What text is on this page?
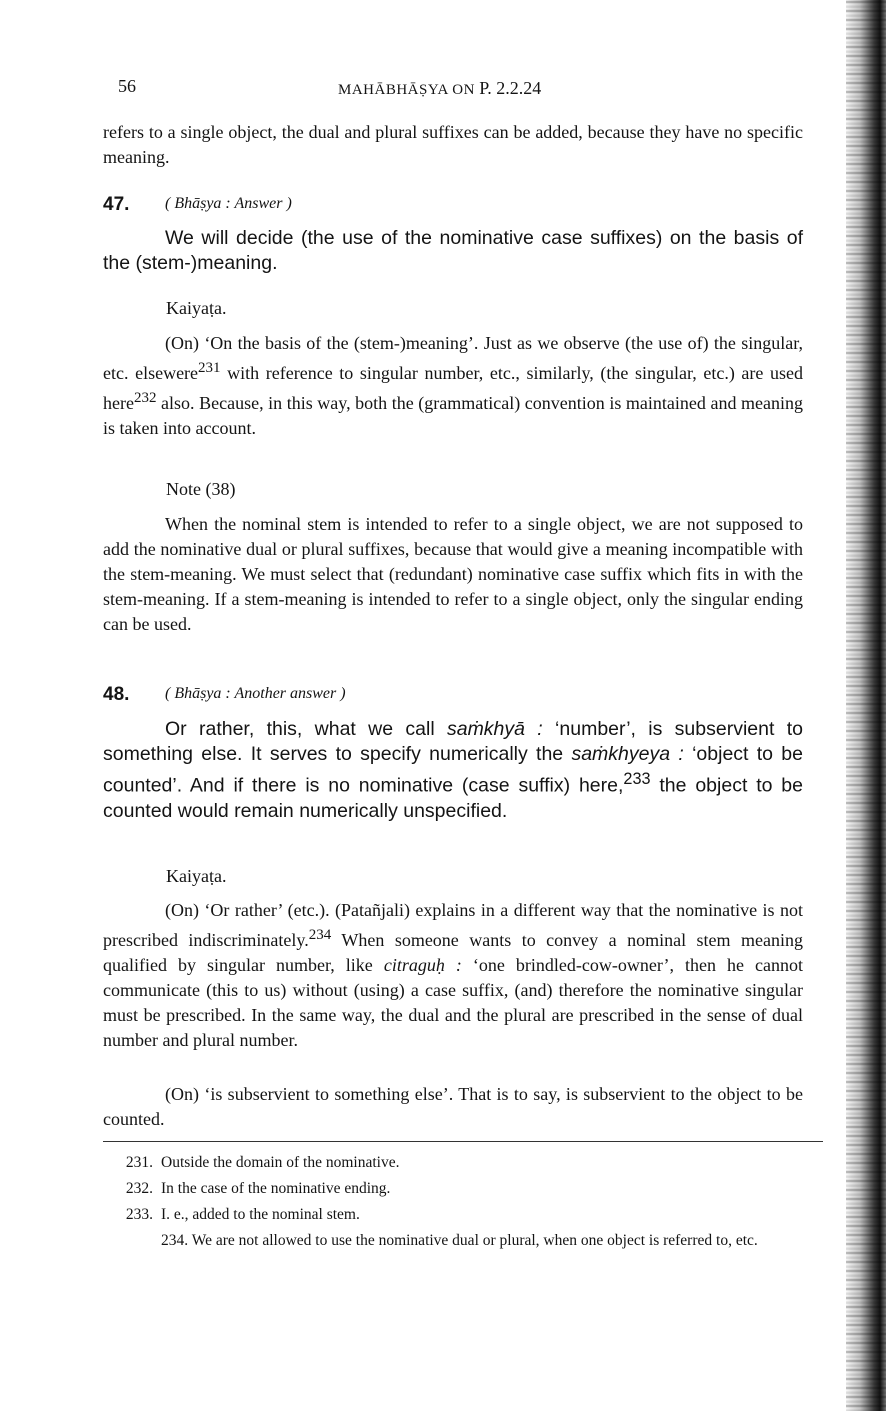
56	MAHĀBHĀṢYA ON P. 2.2.24
refers to a single object, the dual and plural suffixes can be added, because they have no specific meaning.
47. ( Bhāṣya : Answer )
We will decide (the use of the nominative case suffixes) on the basis of the (stem-)meaning.
Kaiyaṭa.
(On) ‘On the basis of the (stem-)meaning’. Just as we observe (the use of) the singular, etc. elsewere$^{231}$ with reference to singular number, etc., similarly, (the singular, etc.) are used here$^{232}$ also. Because, in this way, both the (grammatical) convention is maintained and meaning is taken into account.
Note (38)
When the nominal stem is intended to refer to a single object, we are not supposed to add the nominative dual or plural suffixes, because that would give a meaning incompatible with the stem-meaning. We must select that (redundant) nominative case suffix which fits in with the stem-meaning. If a stem-meaning is intended to refer to a single object, only the singular ending can be used.
48. ( Bhāṣya : Another answer )
Or rather, this, what we call saṁkhyā : ‘number’, is subservient to something else. It serves to specify numerically the saṁkhyeya : ‘object to be counted’. And if there is no nominative (case suffix) here,$^{233}$ the object to be counted would remain numerically unspecified.
Kaiyaṭa.
(On) ‘Or rather’ (etc.). (Patañjali) explains in a different way that the nominative is not prescribed indiscriminately.$^{234}$ When someone wants to convey a nominal stem meaning qualified by singular number, like citraguḥ : ‘one brindled-cow-owner’, then he cannot communicate (this to us) without (using) a case suffix, (and) therefore the nominative singular must be prescribed. In the same way, the dual and the plural are prescribed in the sense of dual number and plural number.
(On) ‘is subservient to something else’. That is to say, is subservient to the object to be counted.
231. Outside the domain of the nominative.
232. In the case of the nominative ending.
233. I. e., added to the nominal stem.
234. We are not allowed to use the nominative dual or plural, when one object is referred to, etc.
